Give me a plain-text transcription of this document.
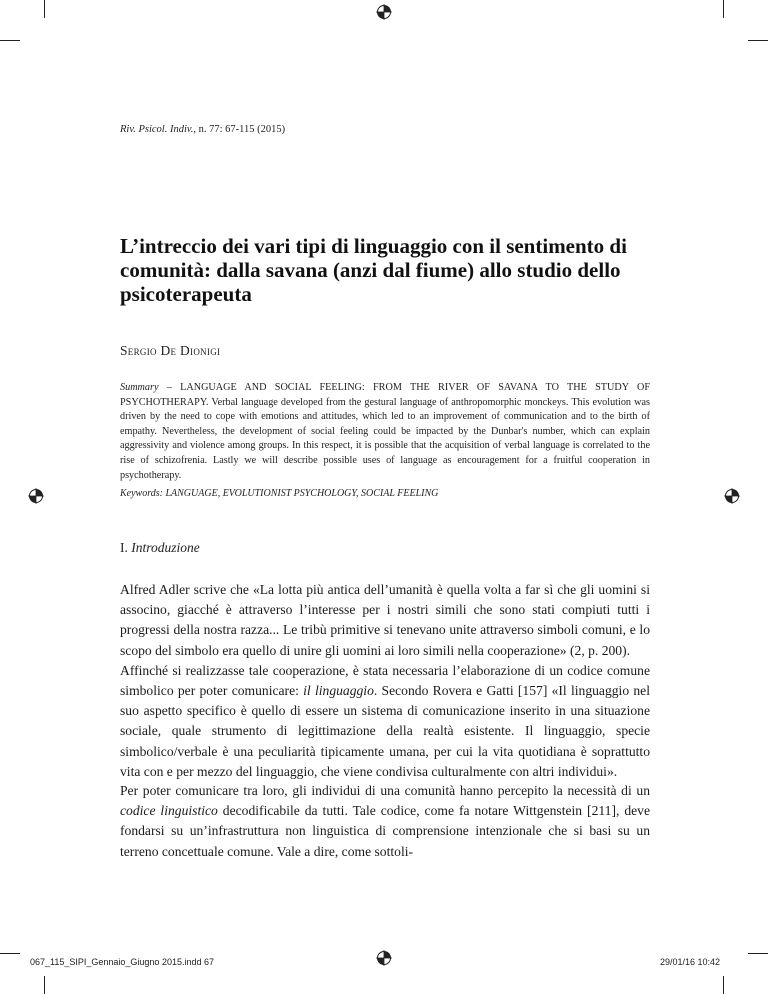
Riv. Psicol. Indiv., n. 77: 67-115 (2015)
L’intreccio dei vari tipi di linguaggio con il sentimento di comunità: dalla savana (anzi dal fiume) allo studio dello psicoterapeuta
Sergio De Dionigi
Summary – LANGUAGE AND SOCIAL FEELING: FROM THE RIVER OF SAVANA TO THE STUDY OF PSYCHOTHERAPY. Verbal language developed from the gestural language of anthropomorphic monckeys. This evolution was driven by the need to cope with emotions and attitudes, which led to an improvement of communication and to the birth of empathy. Nevertheless, the development of social feeling could be impacted by the Dunbar's number, which can explain aggressivity and violence among groups. In this respect, it is possible that the acquisition of verbal language is correlated to the rise of schizofrenia. Lastly we will describe possible uses of language as encouragement for a fruitful cooperation in psychotherapy.
Keywords: LANGUAGE, EVOLUTIONIST PSYCHOLOGY, SOCIAL FEELING
I. Introduzione
Alfred Adler scrive che «La lotta più antica dell’umanità è quella volta a far sì che gli uomini si associno, giacché è attraverso l’interesse per i nostri simili che sono stati compiuti tutti i progressi della nostra razza... Le tribù primitive si tenevano unite attraverso simboli comuni, e lo scopo del simbolo era quello di unire gli uomini ai loro simili nella cooperazione» (2, p. 200).
Affinché si realizzasse tale cooperazione, è stata necessaria l’elaborazione di un codice comune simbolico per poter comunicare: il linguaggio. Secondo Rovera e Gatti [157] «Il linguaggio nel suo aspetto specifico è quello di essere un sistema di comunicazione inserito in una situazione sociale, quale strumento di legittimazione della realtà esistente. Il linguaggio, specie simbolico/verbale è una peculiarità tipicamente umana, per cui la vita quotidiana è soprattutto vita con e per mezzo del linguaggio, che viene condivisa culturalmente con altri individui».
Per poter comunicare tra loro, gli individui di una comunità hanno percepito la necessità di un codice linguistico decodificabile da tutti. Tale codice, come fa notare Wittgenstein [211], deve fondarsi su un’infrastruttura non linguistica di comprensione intenzionale che si basi su un terreno concettuale comune. Vale a dire, come sottoli-
067_115_SIPI_Gennaio_Giugno 2015.indd 67	29/01/16 10:42
